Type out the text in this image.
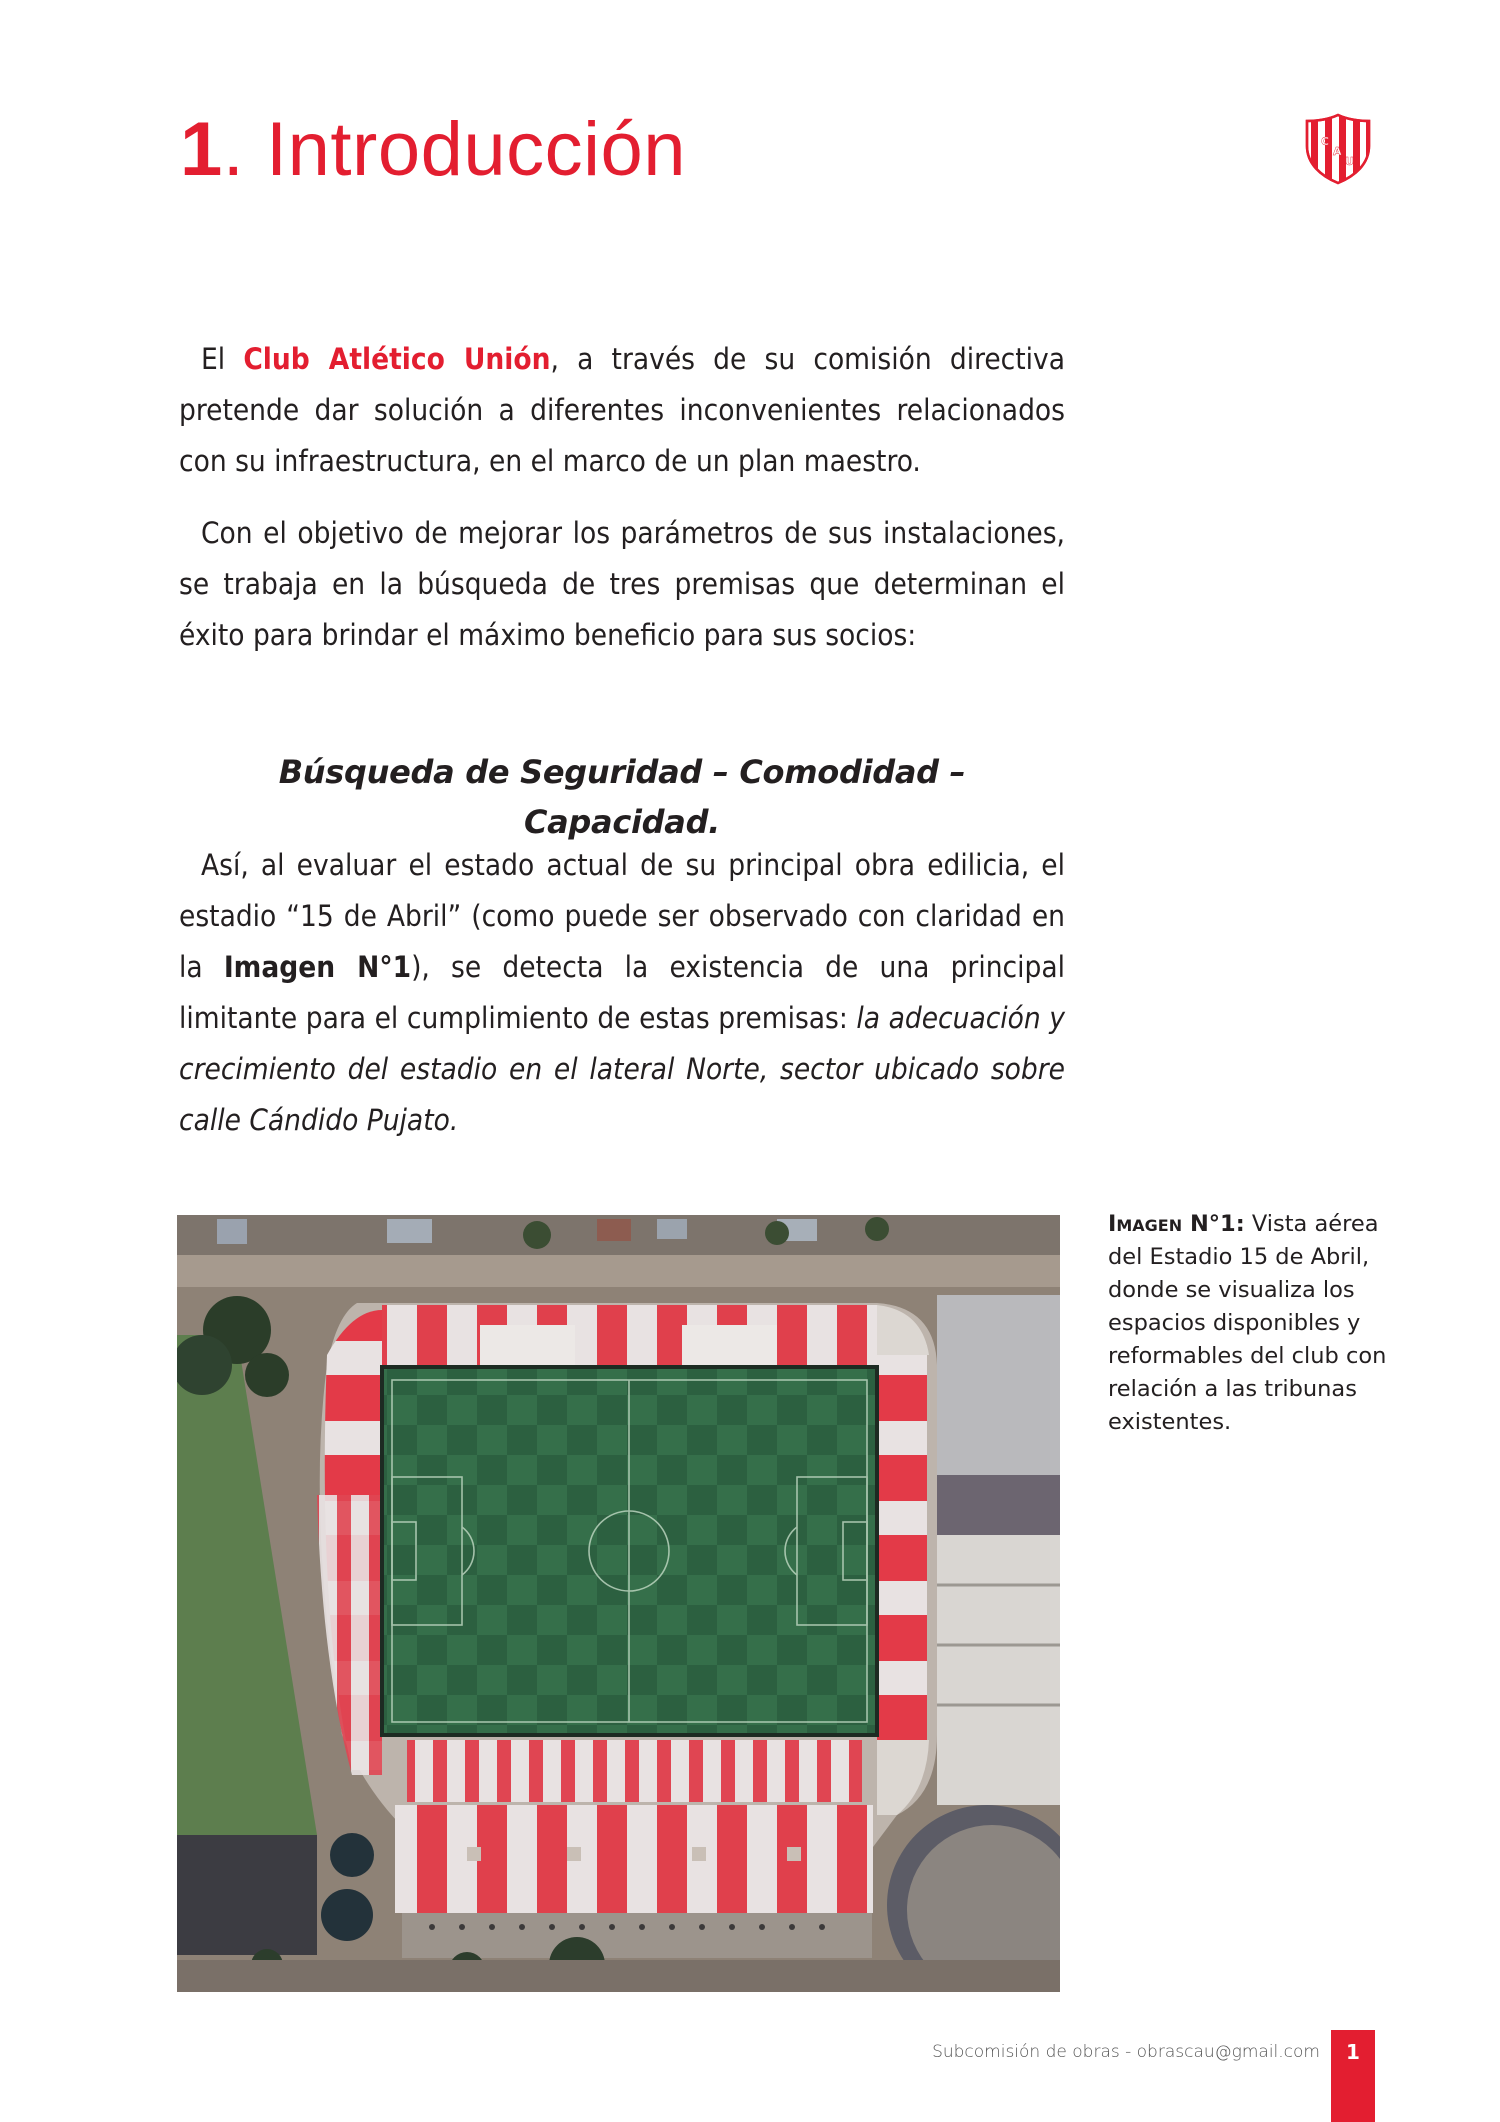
1. Introducción	C
A
U

El Club Atlético Unión, a través de su comisión directiva pretende dar solución a diferentes inconvenientes relacionados con su infraestructura, en el marco de un plan maestro.

Con el objetivo de mejorar los parámetros de sus instalaciones, se trabaja en la búsqueda de tres premisas que determinan el éxito para brindar el máximo beneficio para sus socios:

Búsqueda de Seguridad – Comodidad – Capacidad.

Así, al evaluar el estado actual de su principal obra edilicia, el estadio “15 de Abril” (como puede ser observado con claridad en la Imagen N°1), se detecta la existencia de una principal limitante para el cumplimiento de estas premisas: la adecuación y crecimiento del estadio en el lateral Norte, sector ubicado sobre calle Cándido Pujato.

Imagen N°1: Vista aérea del Estadio 15 de Abril, donde se visualiza los espacios disponibles y reformables del club con relación a las tribunas existentes.
Subcomisión de obras - obrascau@gmail.com	1
